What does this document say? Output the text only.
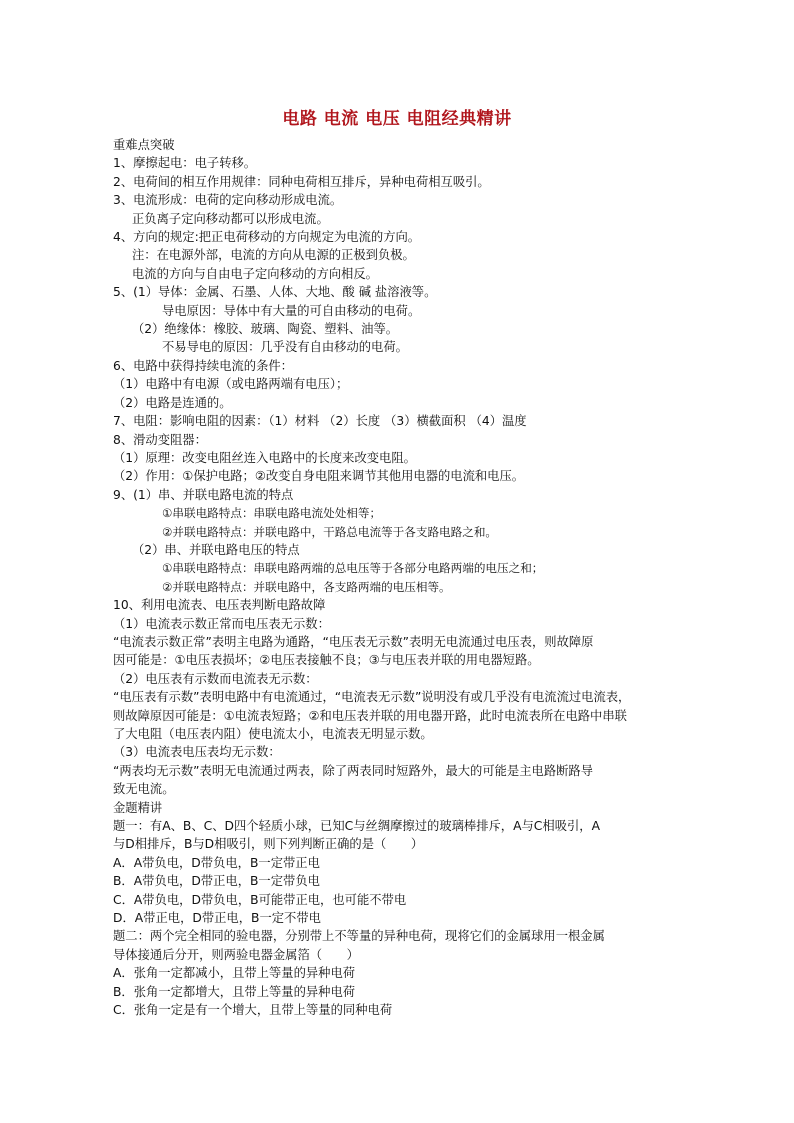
电路 电流 电压 电阻经典精讲

重难点突破

1、摩擦起电：电子转移。

2、电荷间的相互作用规律：同种电荷相互排斥，异种电荷相互吸引。

3、电流形成：电荷的定向移动形成电流。

正负离子定向移动都可以形成电流。

4、方向的规定:把正电荷移动的方向规定为电流的方向。

注：在电源外部，电流的方向从电源的正极到负极。

电流的方向与自由电子定向移动的方向相反。

5、(1）导体：金属、石墨、人体、大地、酸 碱 盐溶液等。

导电原因：导体中有大量的可自由移动的电荷。

（2）绝缘体：橡胶、玻璃、陶瓷、塑料、油等。

不易导电的原因：几乎没有自由移动的电荷。

6、电路中获得持续电流的条件：

（1）电路中有电源（或电路两端有电压）；

（2）电路是连通的。

7、电阻：影响电阻的因素：（1）材料 （2）长度 （3）横截面积 （4）温度

8、滑动变阻器：

（1）原理：改变电阻丝连入电路中的长度来改变电阻。

（2）作用：①保护电路；②改变自身电阻来调节其他用电器的电流和电压。

9、(1）串、并联电路电流的特点

①串联电路特点：串联电路电流处处相等；

②并联电路特点：并联电路中，干路总电流等于各支路电路之和。

（2）串、并联电路电压的特点

①串联电路特点：串联电路两端的总电压等于各部分电路两端的电压之和；

②并联电路特点：并联电路中，各支路两端的电压相等。

10、利用电流表、电压表判断电路故障

（1）电流表示数正常而电压表无示数：

“电流表示数正常”表明主电路为通路，“电压表无示数”表明无电流通过电压表，则故障原

因可能是：①电压表损坏；②电压表接触不良；③与电压表并联的用电器短路。

（2）电压表有示数而电流表无示数：

“电压表有示数”表明电路中有电流通过，“电流表无示数”说明没有或几乎没有电流流过电流表，

则故障原因可能是：①电流表短路；②和电压表并联的用电器开路，此时电流表所在电路中串联

了大电阻（电压表内阻）使电流太小，电流表无明显示数。

（3）电流表电压表均无示数：

“两表均无示数”表明无电流通过两表，除了两表同时短路外，最大的可能是主电路断路导

致无电流。

金题精讲

题一：有A、B、C、D四个轻质小球，已知C与丝绸摩擦过的玻璃棒排斥，A与C相吸引，A

与D相排斥，B与D相吸引，则下列判断正确的是（　　）

A．A带负电，D带负电，B一定带正电

B．A带负电，D带正电，B一定带负电

C．A带负电，D带负电，B可能带正电，也可能不带电

D．A带正电，D带正电，B一定不带电

题二：两个完全相同的验电器，分别带上不等量的异种电荷，现将它们的金属球用一根金属

导体接通后分开，则两验电器金属箔（　　）

A．张角一定都减小，且带上等量的异种电荷

B．张角一定都增大，且带上等量的异种电荷

C．张角一定是有一个增大，且带上等量的同种电荷
